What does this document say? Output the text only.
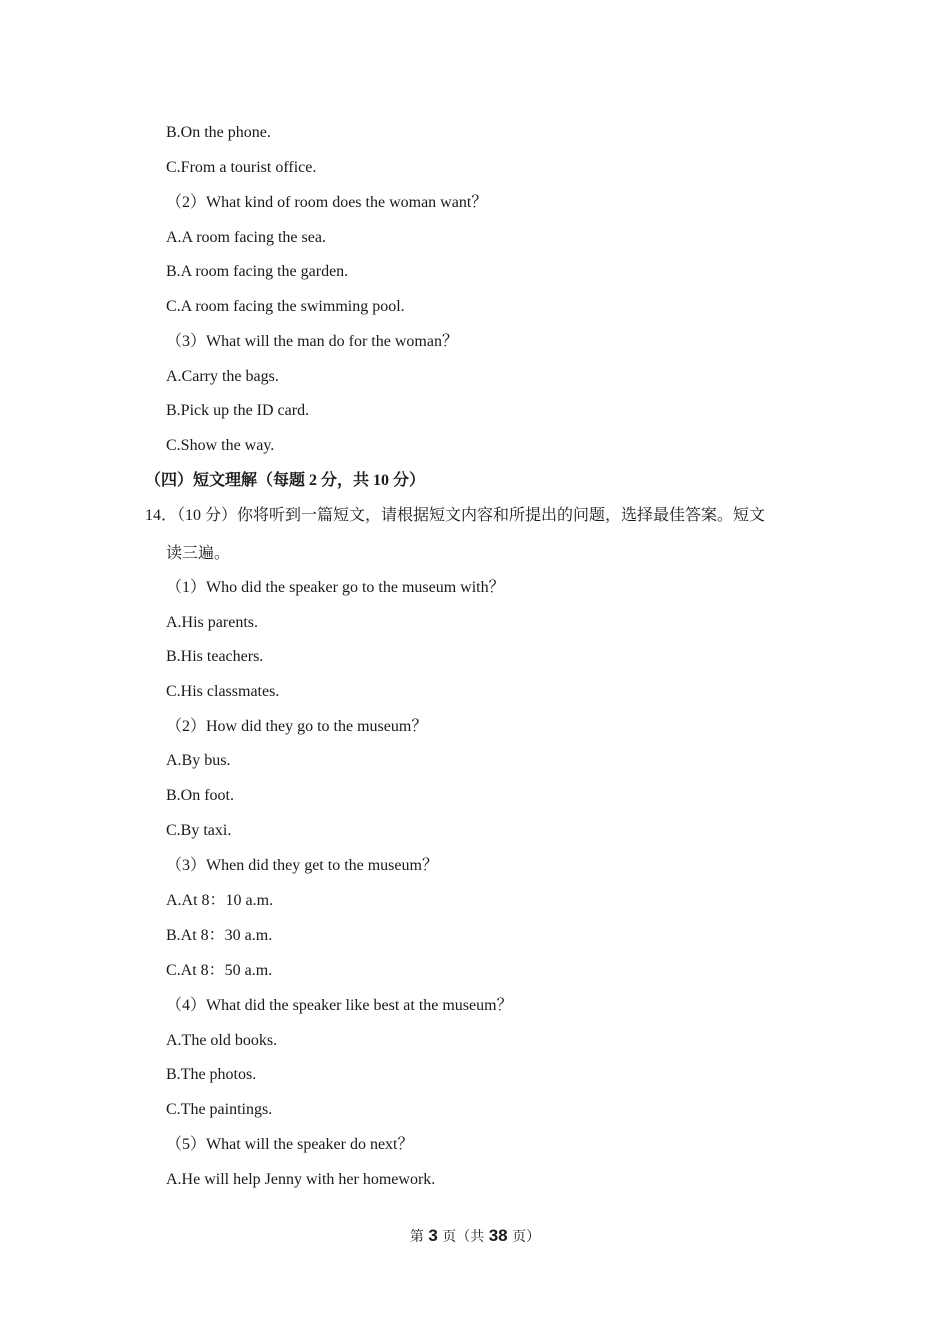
B.On the phone.
C.From a tourist office.
（2）What kind of room does the woman want？
A.A room facing the sea.
B.A room facing the garden.
C.A room facing the swimming pool.
（3）What will the man do for the woman？
A.Carry the bags.
B.Pick up the ID card.
C.Show the way.
（四）短文理解（每题 2 分，共 10 分）
14．（10 分）你将听到一篇短文，请根据短文内容和所提出的问题，选择最佳答案。短文
读三遍。
（1）Who did the speaker go to the museum with？
A.His parents.
B.His teachers.
C.His classmates.
（2）How did they go to the museum？
A.By bus.
B.On foot.
C.By taxi.
（3）When did they get to the museum？
A.At 8：10 a.m.
B.At 8：30 a.m.
C.At 8：50 a.m.
（4）What did the speaker like best at the museum？
A.The old books.
B.The photos.
C.The paintings.
（5）What will the speaker do next？
A.He will help Jenny with her homework.
第 3 页（共 38 页）
